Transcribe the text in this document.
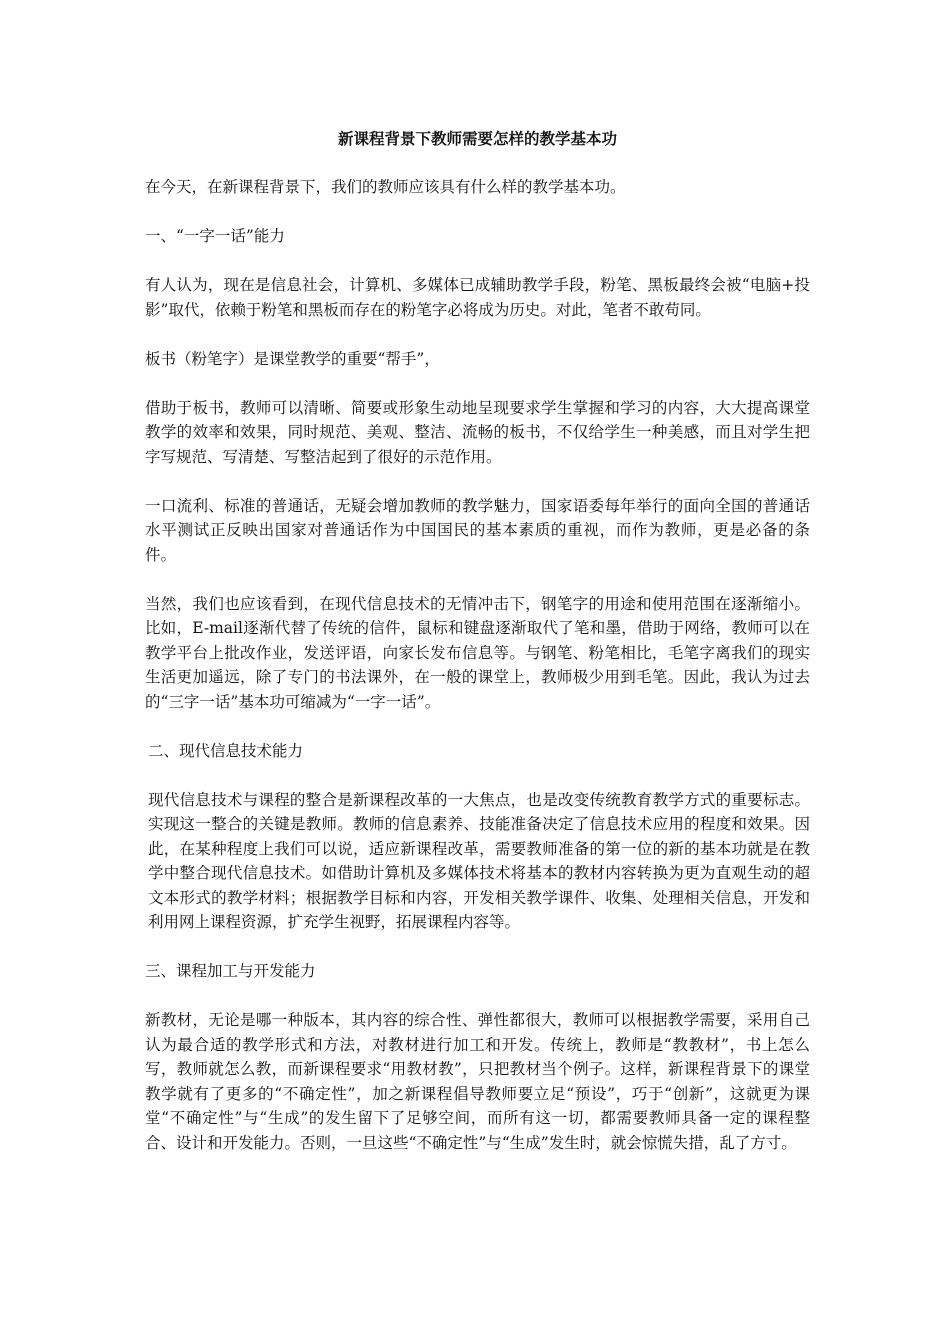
新课程背景下教师需要怎样的教学基本功
在今天，在新课程背景下，我们的教师应该具有什么样的教学基本功。
一、“一字一话”能力
有人认为，现在是信息社会，计算机、多媒体已成辅助教学手段，粉笔、黑板最终会被“电脑+投影”取代，依赖于粉笔和黑板而存在的粉笔字必将成为历史。对此，笔者不敢苟同。
板书（粉笔字）是课堂教学的重要“帮手”，
借助于板书，教师可以清晰、简要或形象生动地呈现要求学生掌握和学习的内容，大大提高课堂教学的效率和效果，同时规范、美观、整洁、流畅的板书，不仅给学生一种美感，而且对学生把字写规范、写清楚、写整洁起到了很好的示范作用。
一口流利、标准的普通话，无疑会增加教师的教学魅力，国家语委每年举行的面向全国的普通话水平测试正反映出国家对普通话作为中国国民的基本素质的重视，而作为教师，更是必备的条件。
当然，我们也应该看到，在现代信息技术的无情冲击下，钢笔字的用途和使用范围在逐渐缩小。比如，E-mail逐渐代替了传统的信件，鼠标和键盘逐渐取代了笔和墨，借助于网络，教师可以在教学平台上批改作业，发送评语，向家长发布信息等。与钢笔、粉笔相比，毛笔字离我们的现实生活更加遥远，除了专门的书法课外，在一般的课堂上，教师极少用到毛笔。因此，我认为过去的“三字一话”基本功可缩减为“一字一话”。
二、现代信息技术能力
现代信息技术与课程的整合是新课程改革的一大焦点，也是改变传统教育教学方式的重要标志。实现这一整合的关键是教师。教师的信息素养、技能准备决定了信息技术应用的程度和效果。因此，在某种程度上我们可以说，适应新课程改革，需要教师准备的第一位的新的基本功就是在教学中整合现代信息技术。如借助计算机及多媒体技术将基本的教材内容转换为更为直观生动的超文本形式的教学材料；根据教学目标和内容，开发相关教学课件、收集、处理相关信息，开发和利用网上课程资源，扩充学生视野，拓展课程内容等。
三、课程加工与开发能力
新教材，无论是哪一种版本，其内容的综合性、弹性都很大，教师可以根据教学需要，采用自己认为最合适的教学形式和方法，对教材进行加工和开发。传统上，教师是“教教材”，书上怎么写，教师就怎么教，而新课程要求“用教材教”，只把教材当个例子。这样，新课程背景下的课堂教学就有了更多的“不确定性”，加之新课程倡导教师要立足“预设”，巧于“创新”，这就更为课堂“不确定性”与“生成”的发生留下了足够空间，而所有这一切，都需要教师具备一定的课程整合、设计和开发能力。否则，一旦这些“不确定性”与“生成”发生时，就会惊慌失措，乱了方寸。
